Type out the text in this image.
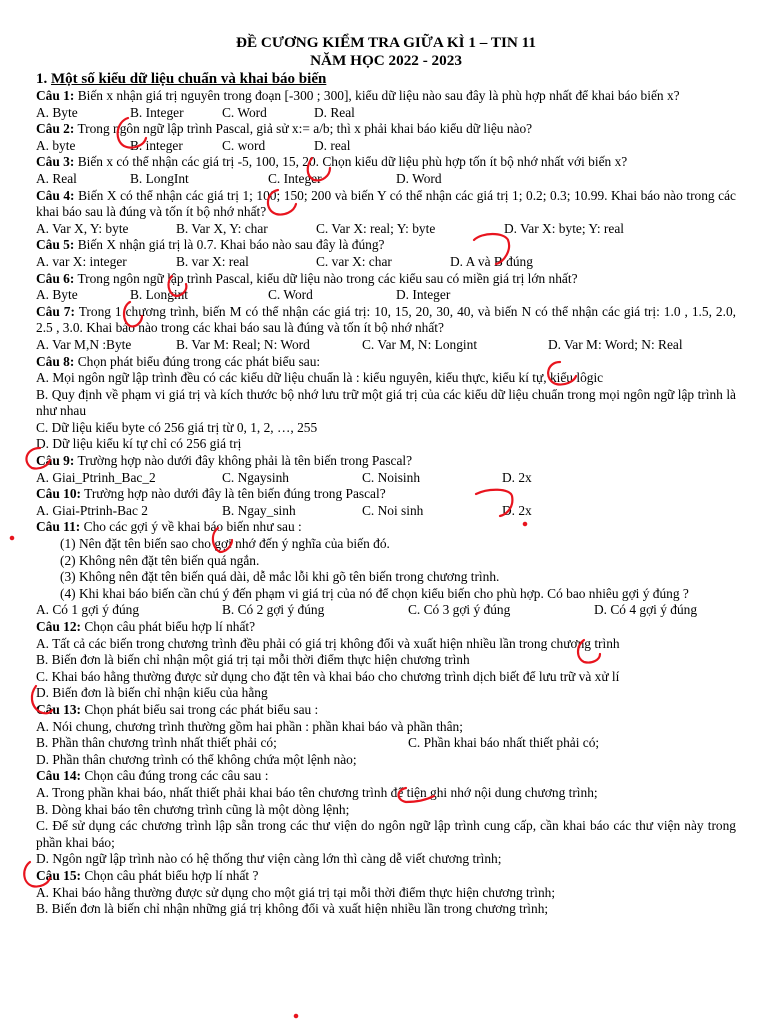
ĐỀ CƯƠNG KIỂM TRA GIỮA KÌ 1 – TIN 11
NĂM HỌC 2022 - 2023
1. Một số kiểu dữ liệu chuẩn và khai báo biến
Câu 1: Biến x nhận giá trị nguyên trong đoạn [-300 ; 300], kiểu dữ liệu nào sau đây là phù hợp nhất để khai báo biến x?
A. Byte	B. Integer	C. Word	D. Real
Câu 2: Trong ngôn ngữ lập trình Pascal, giả sử x:= a/b; thì x phải khai báo kiểu dữ liệu nào?
A. byte	B. integer	C. word	D. real
Câu 3: Biến x có thể nhận các giá trị -5, 100, 15, 20. Chọn kiểu dữ liệu phù hợp tốn ít bộ nhớ nhất với biến x?
A. Real	B. LongInt	C. Integer	D. Word
Câu 4: Biến X có thể nhận các giá trị 1; 100; 150; 200 và biến Y có thể nhận các giá trị 1; 0.2; 0.3; 10.99. Khai báo nào trong các khai báo sau là đúng và tốn ít bộ nhớ nhất?
A. Var X, Y: byte	B. Var X, Y: char	C. Var X: real; Y: byte	D. Var X: byte; Y: real
Câu 5: Biến X nhận giá trị là 0.7. Khai báo nào sau đây là đúng?
A. var X: integer	B. var X: real	C. var X: char	D. A và B đúng
Câu 6: Trong ngôn ngữ lập trình Pascal, kiểu dữ liệu nào trong các kiểu sau có miền giá trị lớn nhất?
A. Byte	B. Longint	C. Word	D. Integer
Câu 7: Trong 1 chương trình, biến M có thể nhận các giá trị: 10, 15, 20, 30, 40, và biến N có thể nhận các giá trị: 1.0 , 1.5, 2.0, 2.5 , 3.0. Khai báo nào trong các khai báo sau là đúng và tốn ít bộ nhớ nhất?
A. Var M,N :Byte	B. Var M: Real; N: Word	C. Var M, N: Longint	D. Var M: Word; N: Real
Câu 8: Chọn phát biểu đúng trong các phát biểu sau:
A. Mọi ngôn ngữ lập trình đều có các kiểu dữ liệu chuẩn là : kiểu nguyên, kiểu thực, kiểu kí tự, kiểu lôgic
B. Quy định về phạm vi giá trị và kích thước bộ nhớ lưu trữ một giá trị của các kiểu dữ liệu chuẩn trong mọi ngôn ngữ lập trình là như nhau
C. Dữ liệu kiểu byte có 256 giá trị từ 0, 1, 2, …, 255
D. Dữ liệu kiểu kí tự chỉ có 256 giá trị
Câu 9: Trường hợp nào dưới đây không phải là tên biến trong Pascal?
A. Giai_Ptrinh_Bac_2	C. Ngaysinh	C. Noisinh	D. 2x
Câu 10: Trường hợp nào dưới đây là tên biến đúng trong Pascal?
A. Giai-Ptrinh-Bac 2	B. Ngay_sinh	C. Noi sinh	D. 2x
Câu 11: Cho các gợi ý về khai báo biến như sau :
(1) Nên đặt tên biến sao cho gợi nhớ đến ý nghĩa của biến đó.
(2) Không nên đặt tên biến quá ngắn.
(3) Không nên đặt tên biến quá dài, dễ mắc lỗi khi gõ tên biến trong chương trình.
(4) Khi khai báo biến cần chú ý đến phạm vi giá trị của nó để chọn kiểu biến cho phù hợp. Có bao nhiêu gợi ý đúng ?
A. Có 1 gợi ý đúng	B. Có 2 gợi ý đúng	C. Có 3 gợi ý đúng	D. Có 4 gợi ý đúng
Câu 12: Chọn câu phát biểu hợp lí nhất?
A. Tất cả các biến trong chương trình đều phải có giá trị không đổi và xuất hiện nhiều lần trong chương trình
B. Biến đơn là biến chỉ nhận một giá trị tại mỗi thời điểm thực hiện chương trình
C. Khai báo hằng thường được sử dụng cho đặt tên và khai báo cho chương trình dịch biết để lưu trữ và xử lí
D. Biến đơn là biến chỉ nhận kiểu của hằng
Câu 13: Chọn phát biểu sai trong các phát biểu sau :
A. Nói chung, chương trình thường gồm hai phần : phần khai báo và phần thân;
B. Phần thân chương trình nhất thiết phải có;	C. Phần khai báo nhất thiết phải có;
D. Phần thân chương trình có thể không chứa một lệnh nào;
Câu 14: Chọn câu đúng trong các câu sau :
A. Trong phần khai báo, nhất thiết phải khai báo tên chương trình để tiện ghi nhớ nội dung chương trình;
B. Dòng khai báo tên chương trình cũng là một dòng lệnh;
C. Để sử dụng các chương trình lập sẵn trong các thư viện do ngôn ngữ lập trình cung cấp, cần khai báo các thư viện này trong phần khai báo;
D. Ngôn ngữ lập trình nào có hệ thống thư viện càng lớn thì càng dễ viết chương trình;
Câu 15: Chọn câu phát biểu hợp lí nhất ?
A. Khai báo hằng thường được sử dụng cho một giá trị tại mỗi thời điểm thực hiện chương trình;
B. Biến đơn là biến chỉ nhận những giá trị không đổi và xuất hiện nhiều lần trong chương trình;
